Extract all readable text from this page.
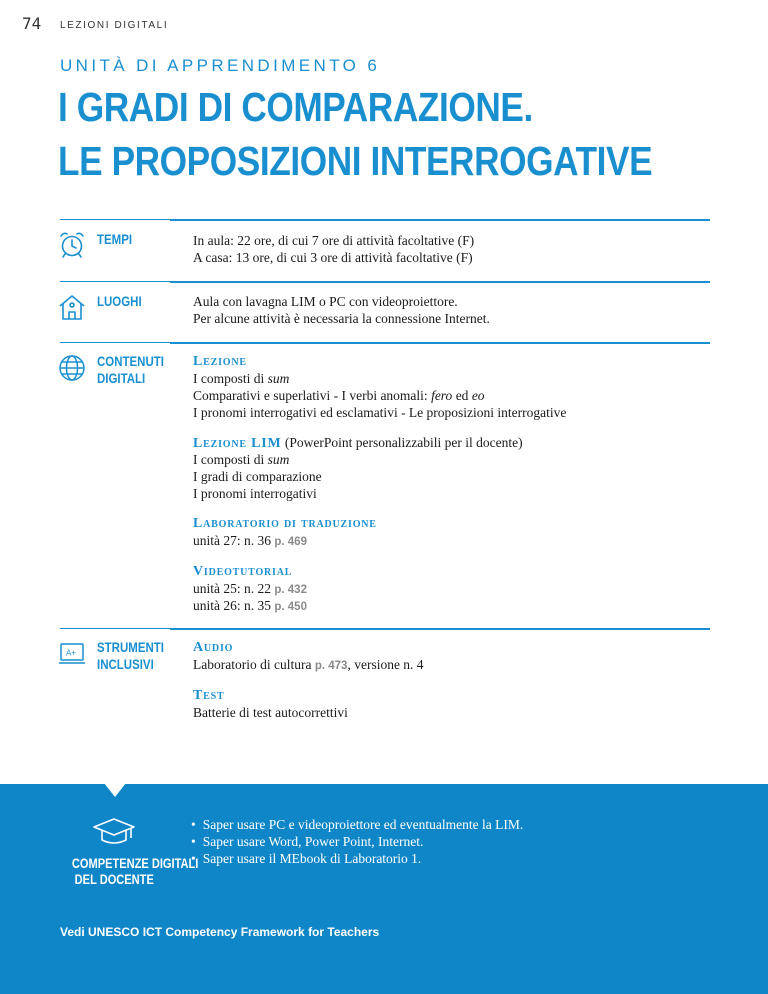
74 LEZIONI DIGITALI
UNITÀ DI APPRENDIMENTO 6
I GRADI DI COMPARAZIONE.
LE PROPOSIZIONI INTERROGATIVE
TEMPI	In aula: 22 ore, di cui 7 ore di attività facoltative (F)
A casa: 13 ore, di cui 3 ore di attività facoltative (F)
LUOGHI	Aula con lavagna LIM o PC con videoproiettore.
Per alcune attività è necessaria la connessione Internet.
CONTENUTI
DIGITALI
Lezione
I composti di sum
Comparativi e superlativi - I verbi anomali: fero ed eo
I pronomi interrogativi ed esclamativi - Le proposizioni interrogative
Lezione LIM (PowerPoint personalizzabili per il docente)
I composti di sum
I gradi di comparazione
I pronomi interrogativi
Laboratorio di traduzione
unità 27: n. 36 p. 469
Videotutorial
unità 25: n. 22 p. 432
unità 26: n. 35 p. 450
A+ STRUMENTI
INCLUSIVI
Audio
Laboratorio di cultura p. 473, versione n. 4
Test
Batterie di test autocorrettivi
COMPETENZE DIGITALI
DEL DOCENTE
• Saper usare PC e videoproiettore ed eventualmente la LIM.
• Saper usare Word, Power Point, Internet.
• Saper usare il MEbook di Laboratorio 1.
Vedi UNESCO ICT Competency Framework for Teachers
